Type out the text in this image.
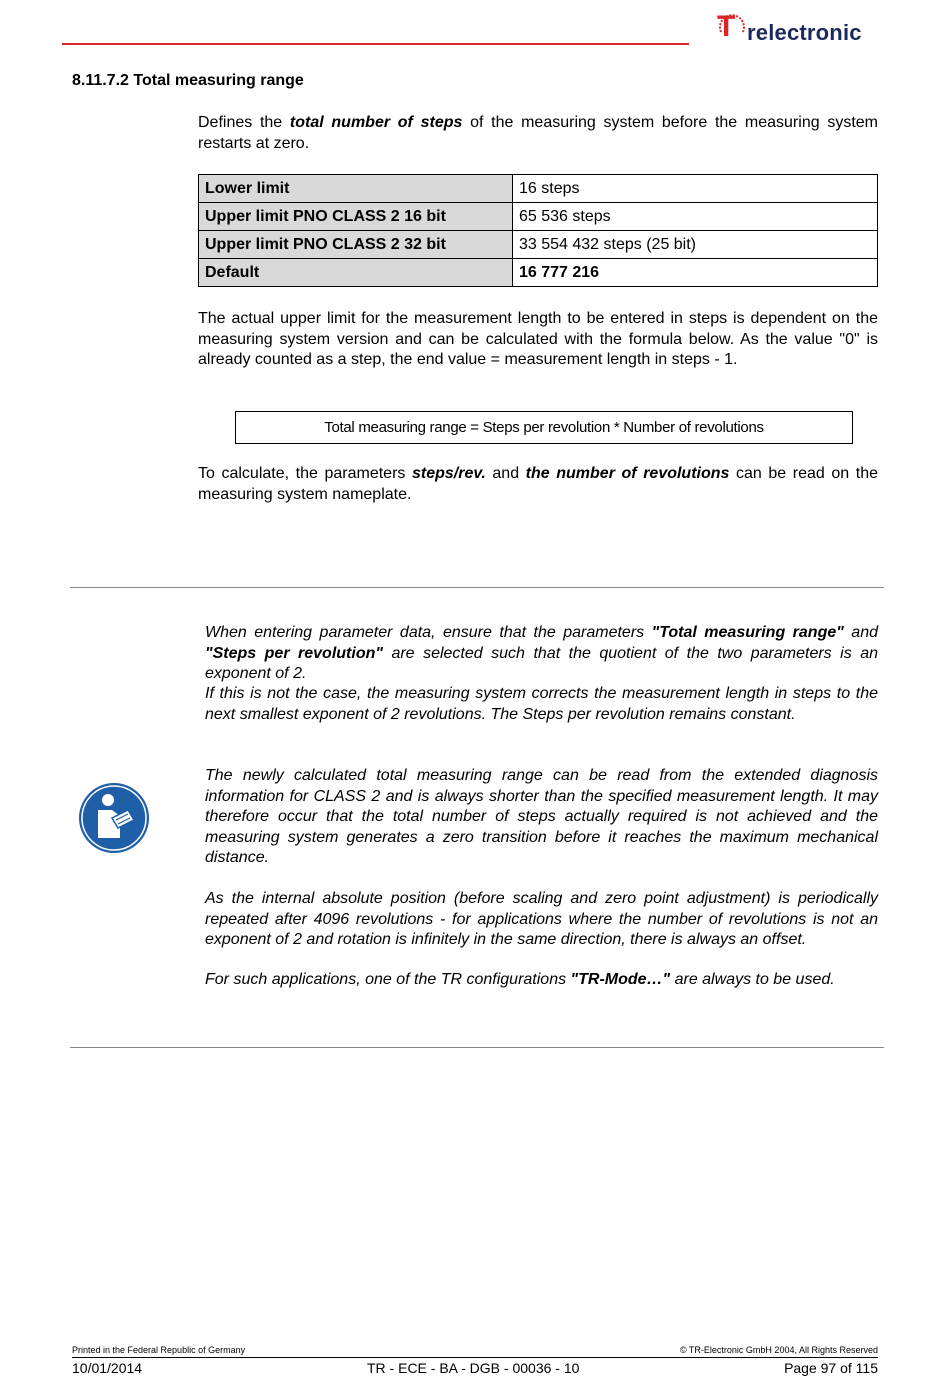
T relectronic
8.11.7.2 Total measuring range
Defines the total number of steps of the measuring system before the measuring system restarts at zero.
Lower limit	16 steps
Upper limit PNO CLASS 2 16 bit	65 536 steps
Upper limit PNO CLASS 2 32 bit	33 554 432 steps (25 bit)
Default	16 777 216
The actual upper limit for the measurement length to be entered in steps is dependent on the measuring system version and can be calculated with the formula below. As the value "0" is already counted as a step, the end value = measurement length in steps - 1.
Total measuring range = Steps per revolution * Number of revolutions
To calculate, the parameters steps/rev. and the number of revolutions can be read on the measuring system nameplate.
When entering parameter data, ensure that the parameters "Total measuring range" and "Steps per revolution" are selected such that the quotient of the two parameters is an exponent of 2.
If this is not the case, the measuring system corrects the measurement length in steps to the next smallest exponent of 2 revolutions. The Steps per revolution remains constant.
The newly calculated total measuring range can be read from the extended diagnosis information for CLASS 2 and is always shorter than the specified measurement length. It may therefore occur that the total number of steps actually required is not achieved and the measuring system generates a zero transition before it reaches the maximum mechanical distance.
As the internal absolute position (before scaling and zero point adjustment) is periodically repeated after 4096 revolutions - for applications where the number of revolutions is not an exponent of 2 and rotation is infinitely in the same direction, there is always an offset.
For such applications, one of the TR configurations "TR-Mode…" are always to be used.
Printed in the Federal Republic of Germany	© TR-Electronic GmbH 2004, All Rights Reserved
10/01/2014	TR - ECE - BA - DGB - 00036 - 10	Page 97 of 115
